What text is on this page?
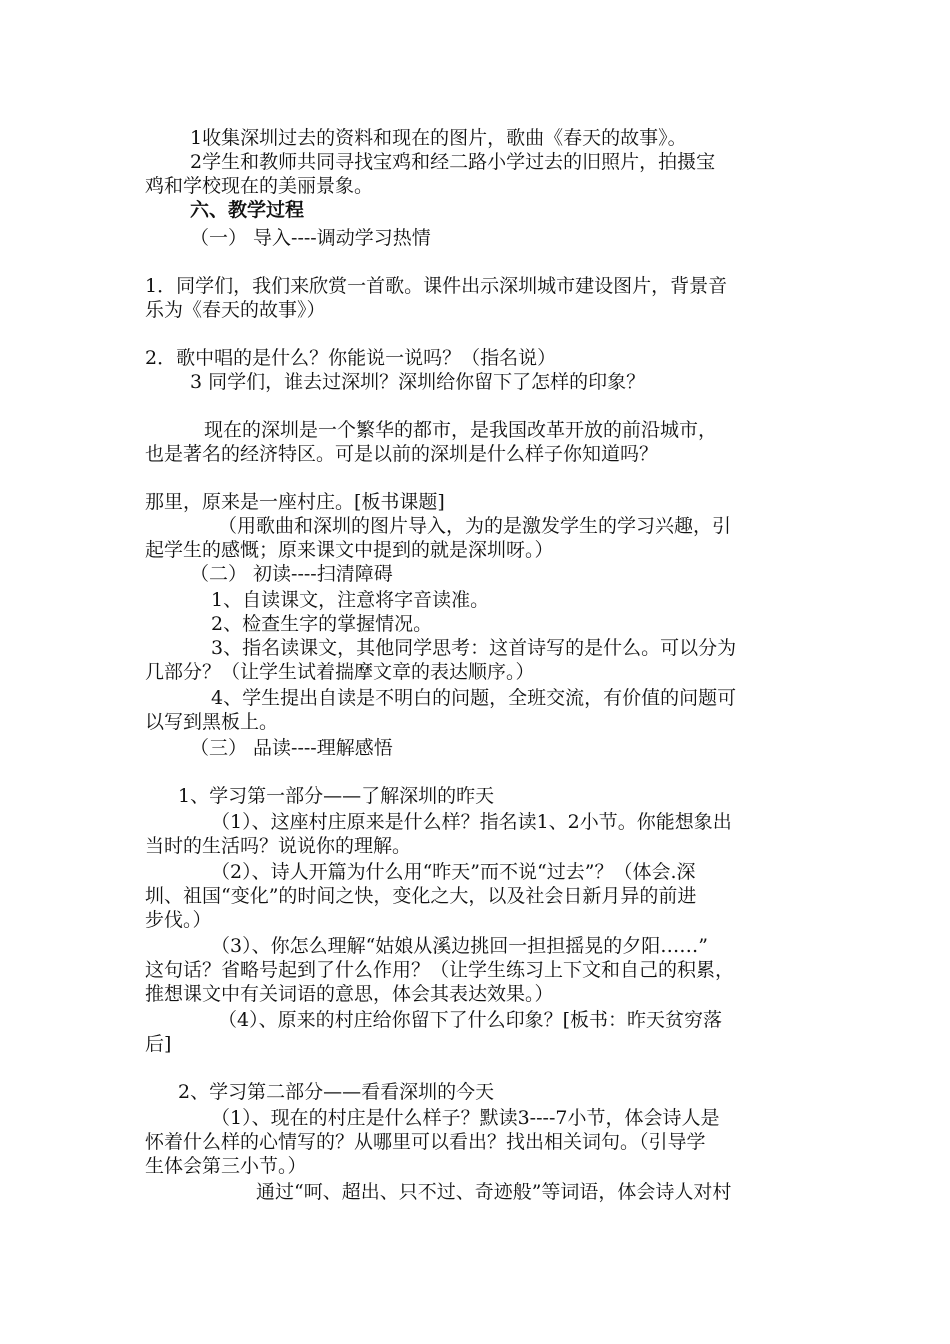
1收集深圳过去的资料和现在的图片，歌曲《春天的故事》。
2学生和教师共同寻找宝鸡和经二路小学过去的旧照片，拍摄宝
鸡和学校现在的美丽景象。
六、教学过程
（一） 导入----调动学习热情
1．同学们，我们来欣赏一首歌。课件出示深圳城市建设图片，背景音
乐为《春天的故事》）
2．歌中唱的是什么？你能说一说吗？（指名说）
3 同学们，谁去过深圳？深圳给你留下了怎样的印象？
现在的深圳是一个繁华的都市，是我国改革开放的前沿城市，
也是著名的经济特区。可是以前的深圳是什么样子你知道吗？
那里，原来是一座村庄。[板书课题]
（用歌曲和深圳的图片导入，为的是激发学生的学习兴趣，引
起学生的感慨；原来课文中提到的就是深圳呀。）
（二） 初读----扫清障碍
1、自读课文，注意将字音读准。
2、检查生字的掌握情况。
3、指名读课文，其他同学思考：这首诗写的是什么。可以分为
几部分？（让学生试着揣摩文章的表达顺序。）
4、学生提出自读是不明白的问题，全班交流，有价值的问题可
以写到黑板上。
（三） 品读----理解感悟
1、学习第一部分——了解深圳的昨天
（1）、这座村庄原来是什么样？指名读1、2小节。你能想象出
当时的生活吗？说说你的理解。
（2）、诗人开篇为什么用“昨天”而不说“过去”？（体会.深
圳、祖国“变化”的时间之快，变化之大，以及社会日新月异的前进
步伐。）
（3）、你怎么理解“姑娘从溪边挑回一担担摇晃的夕阳……”
这句话？省略号起到了什么作用？（让学生练习上下文和自己的积累，
推想课文中有关词语的意思，体会其表达效果。）
（4）、原来的村庄给你留下了什么印象？[板书：昨天贫穷落
后]
2、学习第二部分——看看深圳的今天
（1）、现在的村庄是什么样子？默读3----7小节，体会诗人是
怀着什么样的心情写的？从哪里可以看出？找出相关词句。（引导学
生体会第三小节。）
通过“呵、超出、只不过、奇迹般”等词语，体会诗人对村
